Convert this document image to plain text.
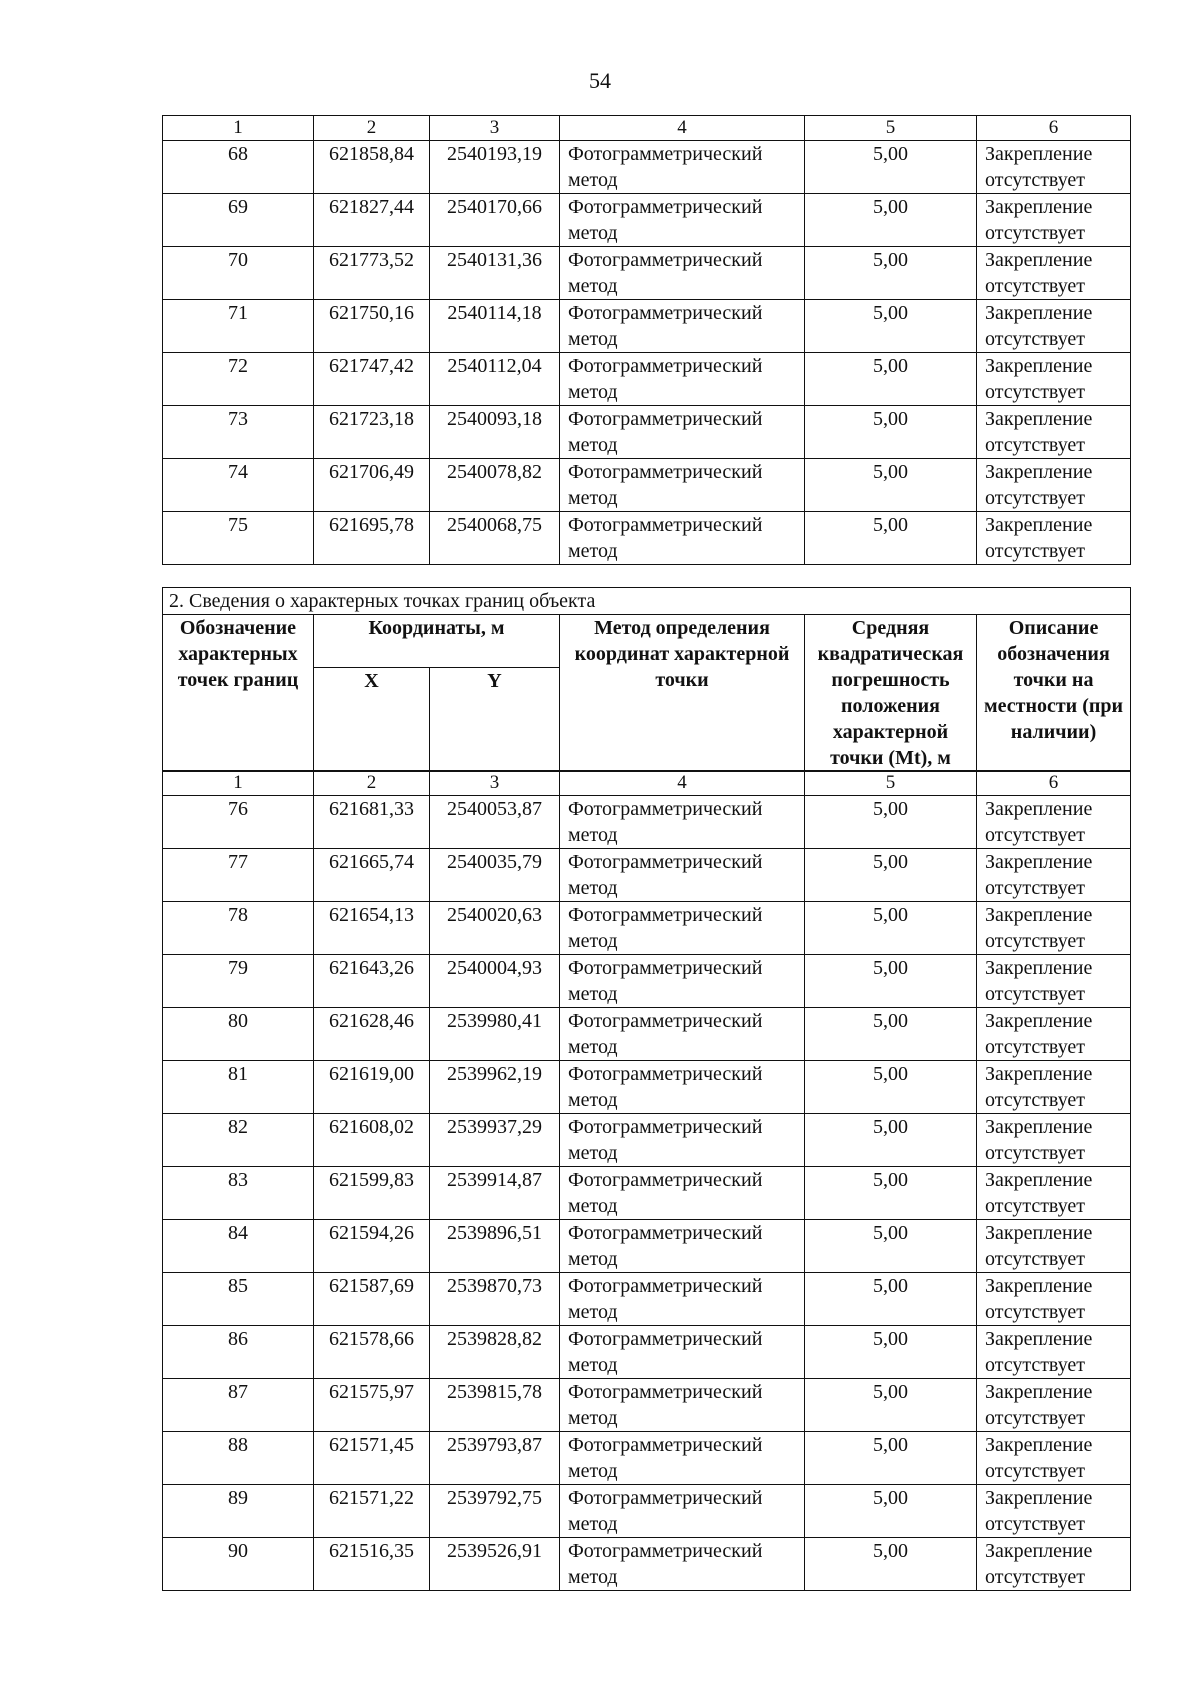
54
1	2	3	4	5	6
68	621858,84	2540193,19	Фотограмметрический метод	5,00	Закрепление отсутствует
69	621827,44	2540170,66	Фотограмметрический метод	5,00	Закрепление отсутствует
70	621773,52	2540131,36	Фотограмметрический метод	5,00	Закрепление отсутствует
71	621750,16	2540114,18	Фотограмметрический метод	5,00	Закрепление отсутствует
72	621747,42	2540112,04	Фотограмметрический метод	5,00	Закрепление отсутствует
73	621723,18	2540093,18	Фотограмметрический метод	5,00	Закрепление отсутствует
74	621706,49	2540078,82	Фотограмметрический метод	5,00	Закрепление отсутствует
75	621695,78	2540068,75	Фотограмметрический метод	5,00	Закрепление отсутствует
2. Сведения о характерных точках границ объекта					
Обозначение характерных точек границ	Координаты, м		Метод определения координат характерной точки	Средняя квадратическая погрешность положения характерной точки (Mt), м	Описание обозначения точки на местности (при наличии)
	X	Y			
1	2	3	4	5	6
76	621681,33	2540053,87	Фотограмметрический метод	5,00	Закрепление отсутствует
77	621665,74	2540035,79	Фотограмметрический метод	5,00	Закрепление отсутствует
78	621654,13	2540020,63	Фотограмметрический метод	5,00	Закрепление отсутствует
79	621643,26	2540004,93	Фотограмметрический метод	5,00	Закрепление отсутствует
80	621628,46	2539980,41	Фотограмметрический метод	5,00	Закрепление отсутствует
81	621619,00	2539962,19	Фотограмметрический метод	5,00	Закрепление отсутствует
82	621608,02	2539937,29	Фотограмметрический метод	5,00	Закрепление отсутствует
83	621599,83	2539914,87	Фотограмметрический метод	5,00	Закрепление отсутствует
84	621594,26	2539896,51	Фотограмметрический метод	5,00	Закрепление отсутствует
85	621587,69	2539870,73	Фотограмметрический метод	5,00	Закрепление отсутствует
86	621578,66	2539828,82	Фотограмметрический метод	5,00	Закрепление отсутствует
87	621575,97	2539815,78	Фотограмметрический метод	5,00	Закрепление отсутствует
88	621571,45	2539793,87	Фотограмметрический метод	5,00	Закрепление отсутствует
89	621571,22	2539792,75	Фотограмметрический метод	5,00	Закрепление отсутствует
90	621516,35	2539526,91	Фотограмметрический метод	5,00	Закрепление отсутствует
